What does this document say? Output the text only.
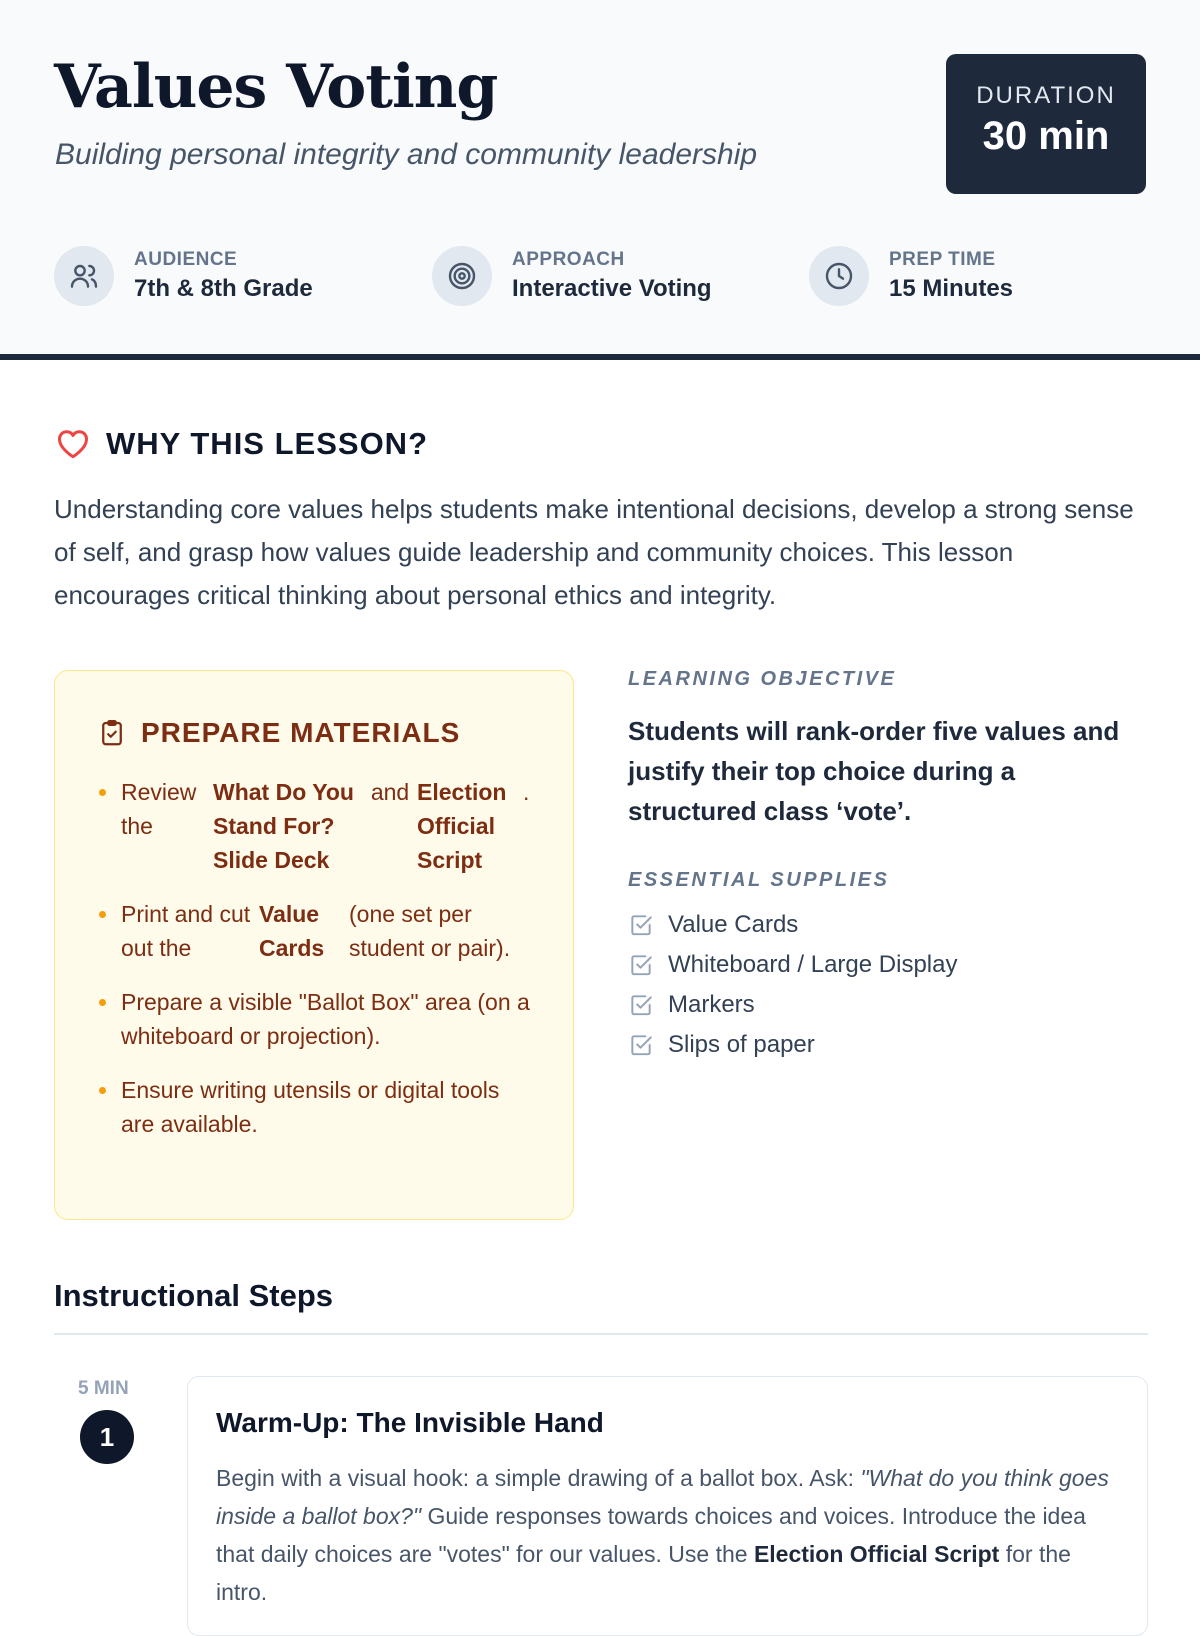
Values Voting
Building personal integrity and community leadership
DURATION
30 min
AUDIENCE
7th & 8th Grade
APPROACH
Interactive Voting
PREP TIME
15 Minutes
WHY THIS LESSON?

Understanding core values helps students make intentional decisions, develop a strong sense of self, and grasp how values guide leadership and community choices. This lesson encourages critical thinking about personal ethics and integrity.

PREPARE MATERIALS
Review the
What Do You Stand For? Slide Deck
and Election Official Script
.
Print and cut out the
Value Cards
(one set per student or pair).
Prepare a visible "Ballot Box" area (on a whiteboard or projection).
Ensure writing utensils or digital tools are available.
LEARNING OBJECTIVE
Students will rank-order five values and justify their top choice during a structured class ‘vote’.
ESSENTIAL SUPPLIES
Value Cards
Whiteboard / Large Display
Markers
Slips of paper
Instructional Steps
5 MIN
1	Warm-Up: The Invisible Hand

Begin with a visual hook: a simple drawing of a ballot box. Ask: "What do you think goes inside a ballot box?" Guide responses towards choices and voices. Introduce the idea that daily choices are "votes" for our values. Use the Election Official Script for the intro.
